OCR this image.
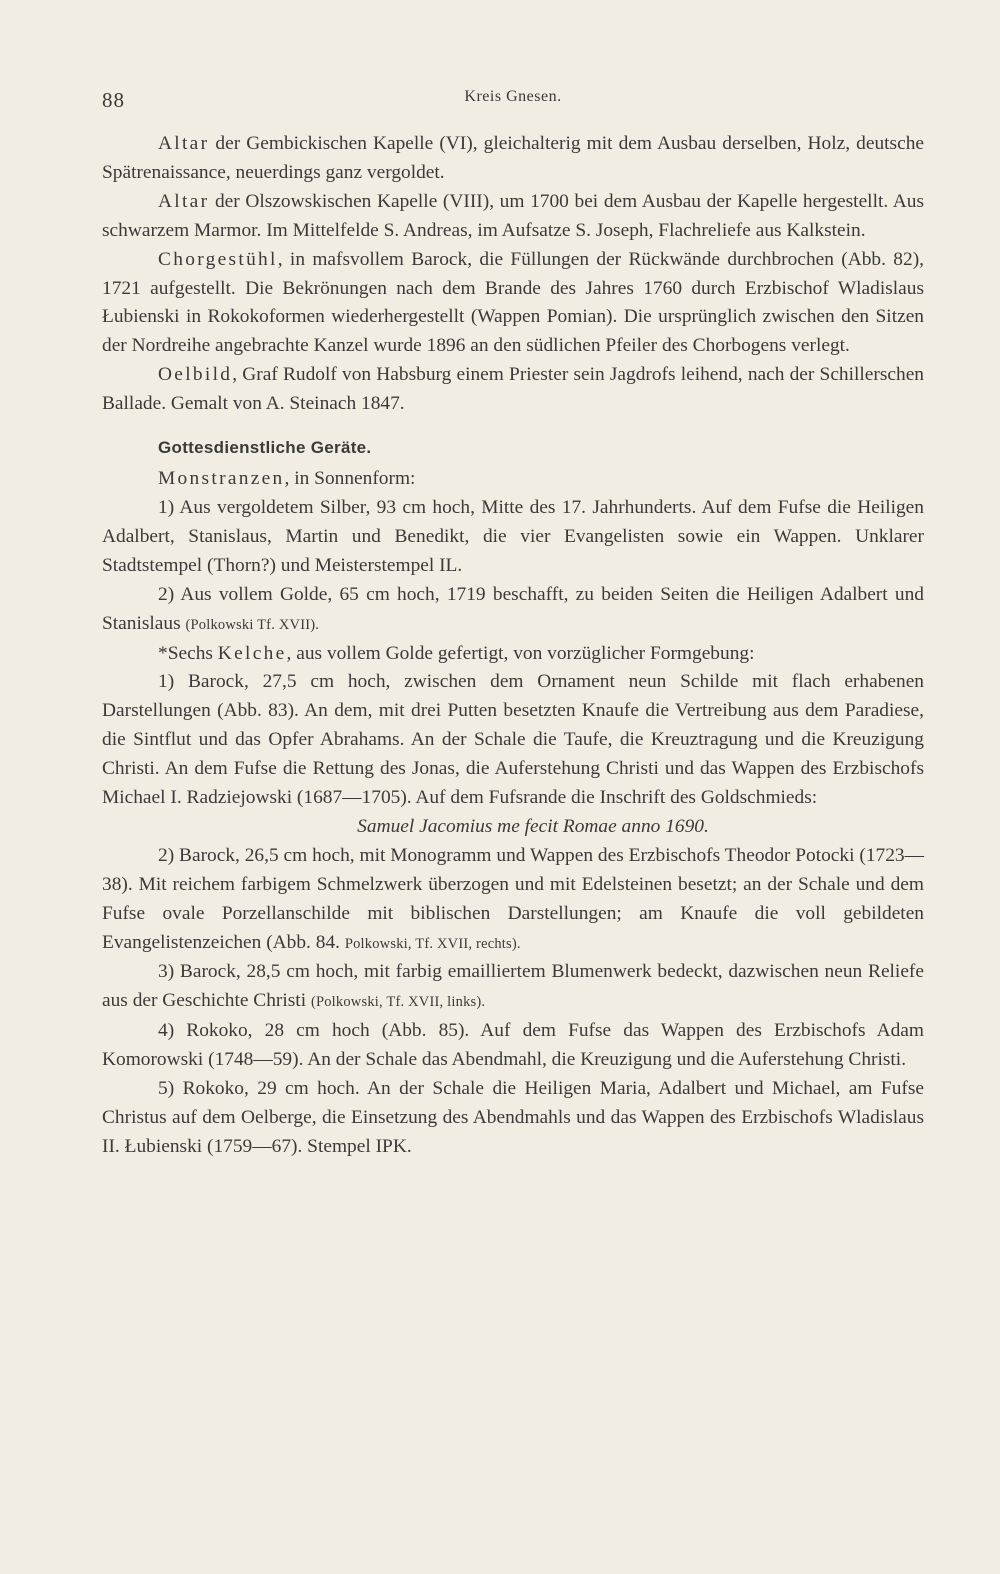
88	Kreis Gnesen.

Altar der Gembickischen Kapelle (VI), gleichalterig mit dem Ausbau derselben, Holz, deutsche Spätrenaissance, neuerdings ganz vergoldet.

Altar der Olszowskischen Kapelle (VIII), um 1700 bei dem Ausbau der Kapelle hergestellt. Aus schwarzem Marmor. Im Mittelfelde S. Andreas, im Aufsatze S. Joseph, Flachreliefe aus Kalkstein.

Chorgestühl, in mafsvollem Barock, die Füllungen der Rückwände durchbrochen (Abb. 82), 1721 aufgestellt. Die Bekrönungen nach dem Brande des Jahres 1760 durch Erzbischof Wladislaus Łubienski in Rokokoformen wiederhergestellt (Wappen Pomian). Die ursprünglich zwischen den Sitzen der Nordreihe angebrachte Kanzel wurde 1896 an den südlichen Pfeiler des Chorbogens verlegt.

Oelbild, Graf Rudolf von Habsburg einem Priester sein Jagdrofs leihend, nach der Schillerschen Ballade. Gemalt von A. Steinach 1847.

Gottesdienstliche Geräte.

Monstranzen, in Sonnenform:

1) Aus vergoldetem Silber, 93 cm hoch, Mitte des 17. Jahrhunderts. Auf dem Fufse die Heiligen Adalbert, Stanislaus, Martin und Benedikt, die vier Evangelisten sowie ein Wappen. Unklarer Stadtstempel (Thorn?) und Meisterstempel IL.

2) Aus vollem Golde, 65 cm hoch, 1719 beschafft, zu beiden Seiten die Heiligen Adalbert und Stanislaus (Polkowski Tf. XVII).

*Sechs Kelche, aus vollem Golde gefertigt, von vorzüglicher Formgebung:

1) Barock, 27,5 cm hoch, zwischen dem Ornament neun Schilde mit flach erhabenen Darstellungen (Abb. 83). An dem, mit drei Putten besetzten Knaufe die Vertreibung aus dem Paradiese, die Sintflut und das Opfer Abrahams. An der Schale die Taufe, die Kreuztragung und die Kreuzigung Christi. An dem Fufse die Rettung des Jonas, die Auferstehung Christi und das Wappen des Erzbischofs Michael I. Radziejowski (1687—1705). Auf dem Fufsrande die Inschrift des Goldschmieds:

Samuel Jacomius me fecit Romae anno 1690.

2) Barock, 26,5 cm hoch, mit Monogramm und Wappen des Erzbischofs Theodor Potocki (1723—38). Mit reichem farbigem Schmelzwerk überzogen und mit Edelsteinen besetzt; an der Schale und dem Fufse ovale Porzellanschilde mit biblischen Darstellungen; am Knaufe die voll gebildeten Evangelistenzeichen (Abb. 84. Polkowski, Tf. XVII, rechts).

3) Barock, 28,5 cm hoch, mit farbig emailliertem Blumenwerk bedeckt, dazwischen neun Reliefe aus der Geschichte Christi (Polkowski, Tf. XVII, links).

4) Rokoko, 28 cm hoch (Abb. 85). Auf dem Fufse das Wappen des Erzbischofs Adam Komorowski (1748—59). An der Schale das Abendmahl, die Kreuzigung und die Auferstehung Christi.

5) Rokoko, 29 cm hoch. An der Schale die Heiligen Maria, Adalbert und Michael, am Fufse Christus auf dem Oelberge, die Einsetzung des Abendmahls und das Wappen des Erzbischofs Wladislaus II. Łubienski (1759—67). Stempel IPK.
